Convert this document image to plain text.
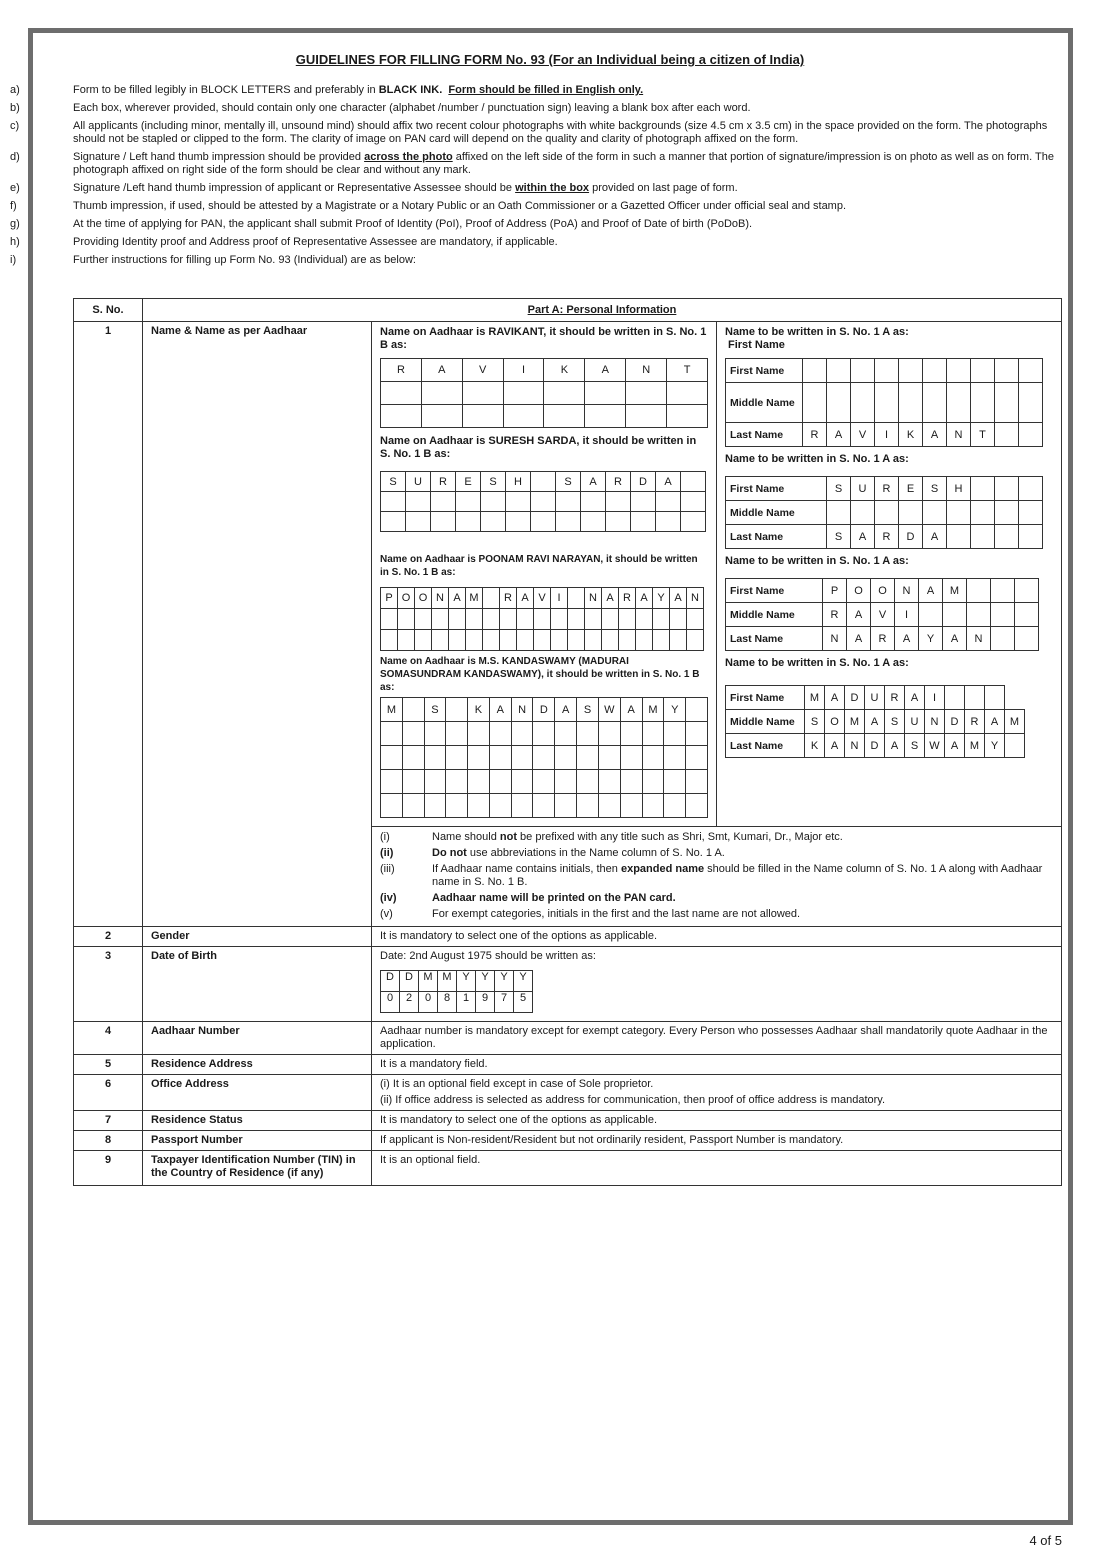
GUIDELINES FOR FILLING FORM No. 93 (For an Individual being a citizen of India)
a)	Form to be filled legibly in BLOCK LETTERS and preferably in BLACK INK. Form should be filled in English only.
b)	Each box, wherever provided, should contain only one character (alphabet /number / punctuation sign) leaving a blank box after each word.
c)	All applicants (including minor, mentally ill, unsound mind) should affix two recent colour photographs with white backgrounds (size 4.5 cm x 3.5 cm) in the space provided on the form. The photographs should not be stapled or clipped to the form. The clarity of image on PAN card will depend on the quality and clarity of photograph affixed on the form.
d)	Signature / Left hand thumb impression should be provided across the photo affixed on the left side of the form in such a manner that portion of signature/impression is on photo as well as on form. The photograph affixed on right side of the form should be clear and without any mark.
e)	Signature /Left hand thumb impression of applicant or Representative Assessee should be within the box provided on last page of form.
f)	Thumb impression, if used, should be attested by a Magistrate or a Notary Public or an Oath Commissioner or a Gazetted Officer under official seal and stamp.
g)	At the time of applying for PAN, the applicant shall submit Proof of Identity (PoI), Proof of Address (PoA) and Proof of Date of birth (PoDoB).
h)	Providing Identity proof and Address proof of Representative Assessee are mandatory, if applicable.
i)	Further instructions for filling up Form No. 93 (Individual) are as below:
S. No.	Part A: Personal Information
1	Name & Name as per Aadhaar	Name on Aadhaar is RAVIKANT, it should be written in S. No. 1 B as:
R	A	V	I	K	A	N	T

Name on Aadhaar is SURESH SARDA, it should be written in S. No. 1 B as:
S	U	R	E	S	H		S	A	R	D	A	

Name on Aadhaar is POONAM RAVI NARAYAN, it should be written in S. No. 1 B as:
P	O	O	N	A	M		R	A	V	I		N	A	R	A	Y	A	N

Name on Aadhaar is M.S. KANDASWAMY (MADURAI SOMASUNDRAM KANDASWAMY), it should be written in S. No. 1 B as:
M		S		K	A	N	D	A	S	W	A	M	Y	

Name to be written in S. No. 1 A as:
First Name
First Name										
Middle Name										
Last Name	R	A	V	I	K	A	N	T		
Name to be written in S. No. 1 A as:
First Name	S	U	R	E	S	H			
Middle Name									
Last Name	S	A	R	D	A				
Name to be written in S. No. 1 A as:
First Name	P	O	O	N	A	M			
Middle Name	R	A	V	I					
Last Name	N	A	R	A	Y	A	N		
Name to be written in S. No. 1 A as:
First Name	M	A	D	U	R	A	I			
Middle Name	S	O	M	A	S	U	N	D	R	A	M
Last Name	K	A	N	D	A	S	W	A	M	Y	
(i)	Name should not be prefixed with any title such as Shri, Smt, Kumari, Dr., Major etc.
(ii)	Do not use abbreviations in the Name column of S. No. 1 A.
(iii)	If Aadhaar name contains initials, then expanded name should be filled in the Name column of S. No. 1 A along with Aadhaar name in S. No. 1 B.
(iv)	Aadhaar name will be printed on the PAN card.
(v)	For exempt categories, initials in the first and the last name are not allowed.

2	Gender	It is mandatory to select one of the options as applicable.
3	Date of Birth	Date: 2nd August 1975 should be written as:
D	D	M	M	Y	Y	Y	Y
0	2	0	8	1	9	7	5

4	Aadhaar Number	Aadhaar number is mandatory except for exempt category. Every Person who possesses Aadhaar shall mandatorily quote Aadhaar in the application.
5	Residence Address	It is a mandatory field.
6	Office Address	(i) It is an optional field except in case of Sole proprietor.
(ii) If office address is selected as address for communication, then proof of office address is mandatory.

7	Residence Status	It is mandatory to select one of the options as applicable.
8	Passport Number	If applicant is Non-resident/Resident but not ordinarily resident, Passport Number is mandatory.
9	Taxpayer Identification Number (TIN) in the Country of Residence (if any)	It is an optional field.
4 of 5
